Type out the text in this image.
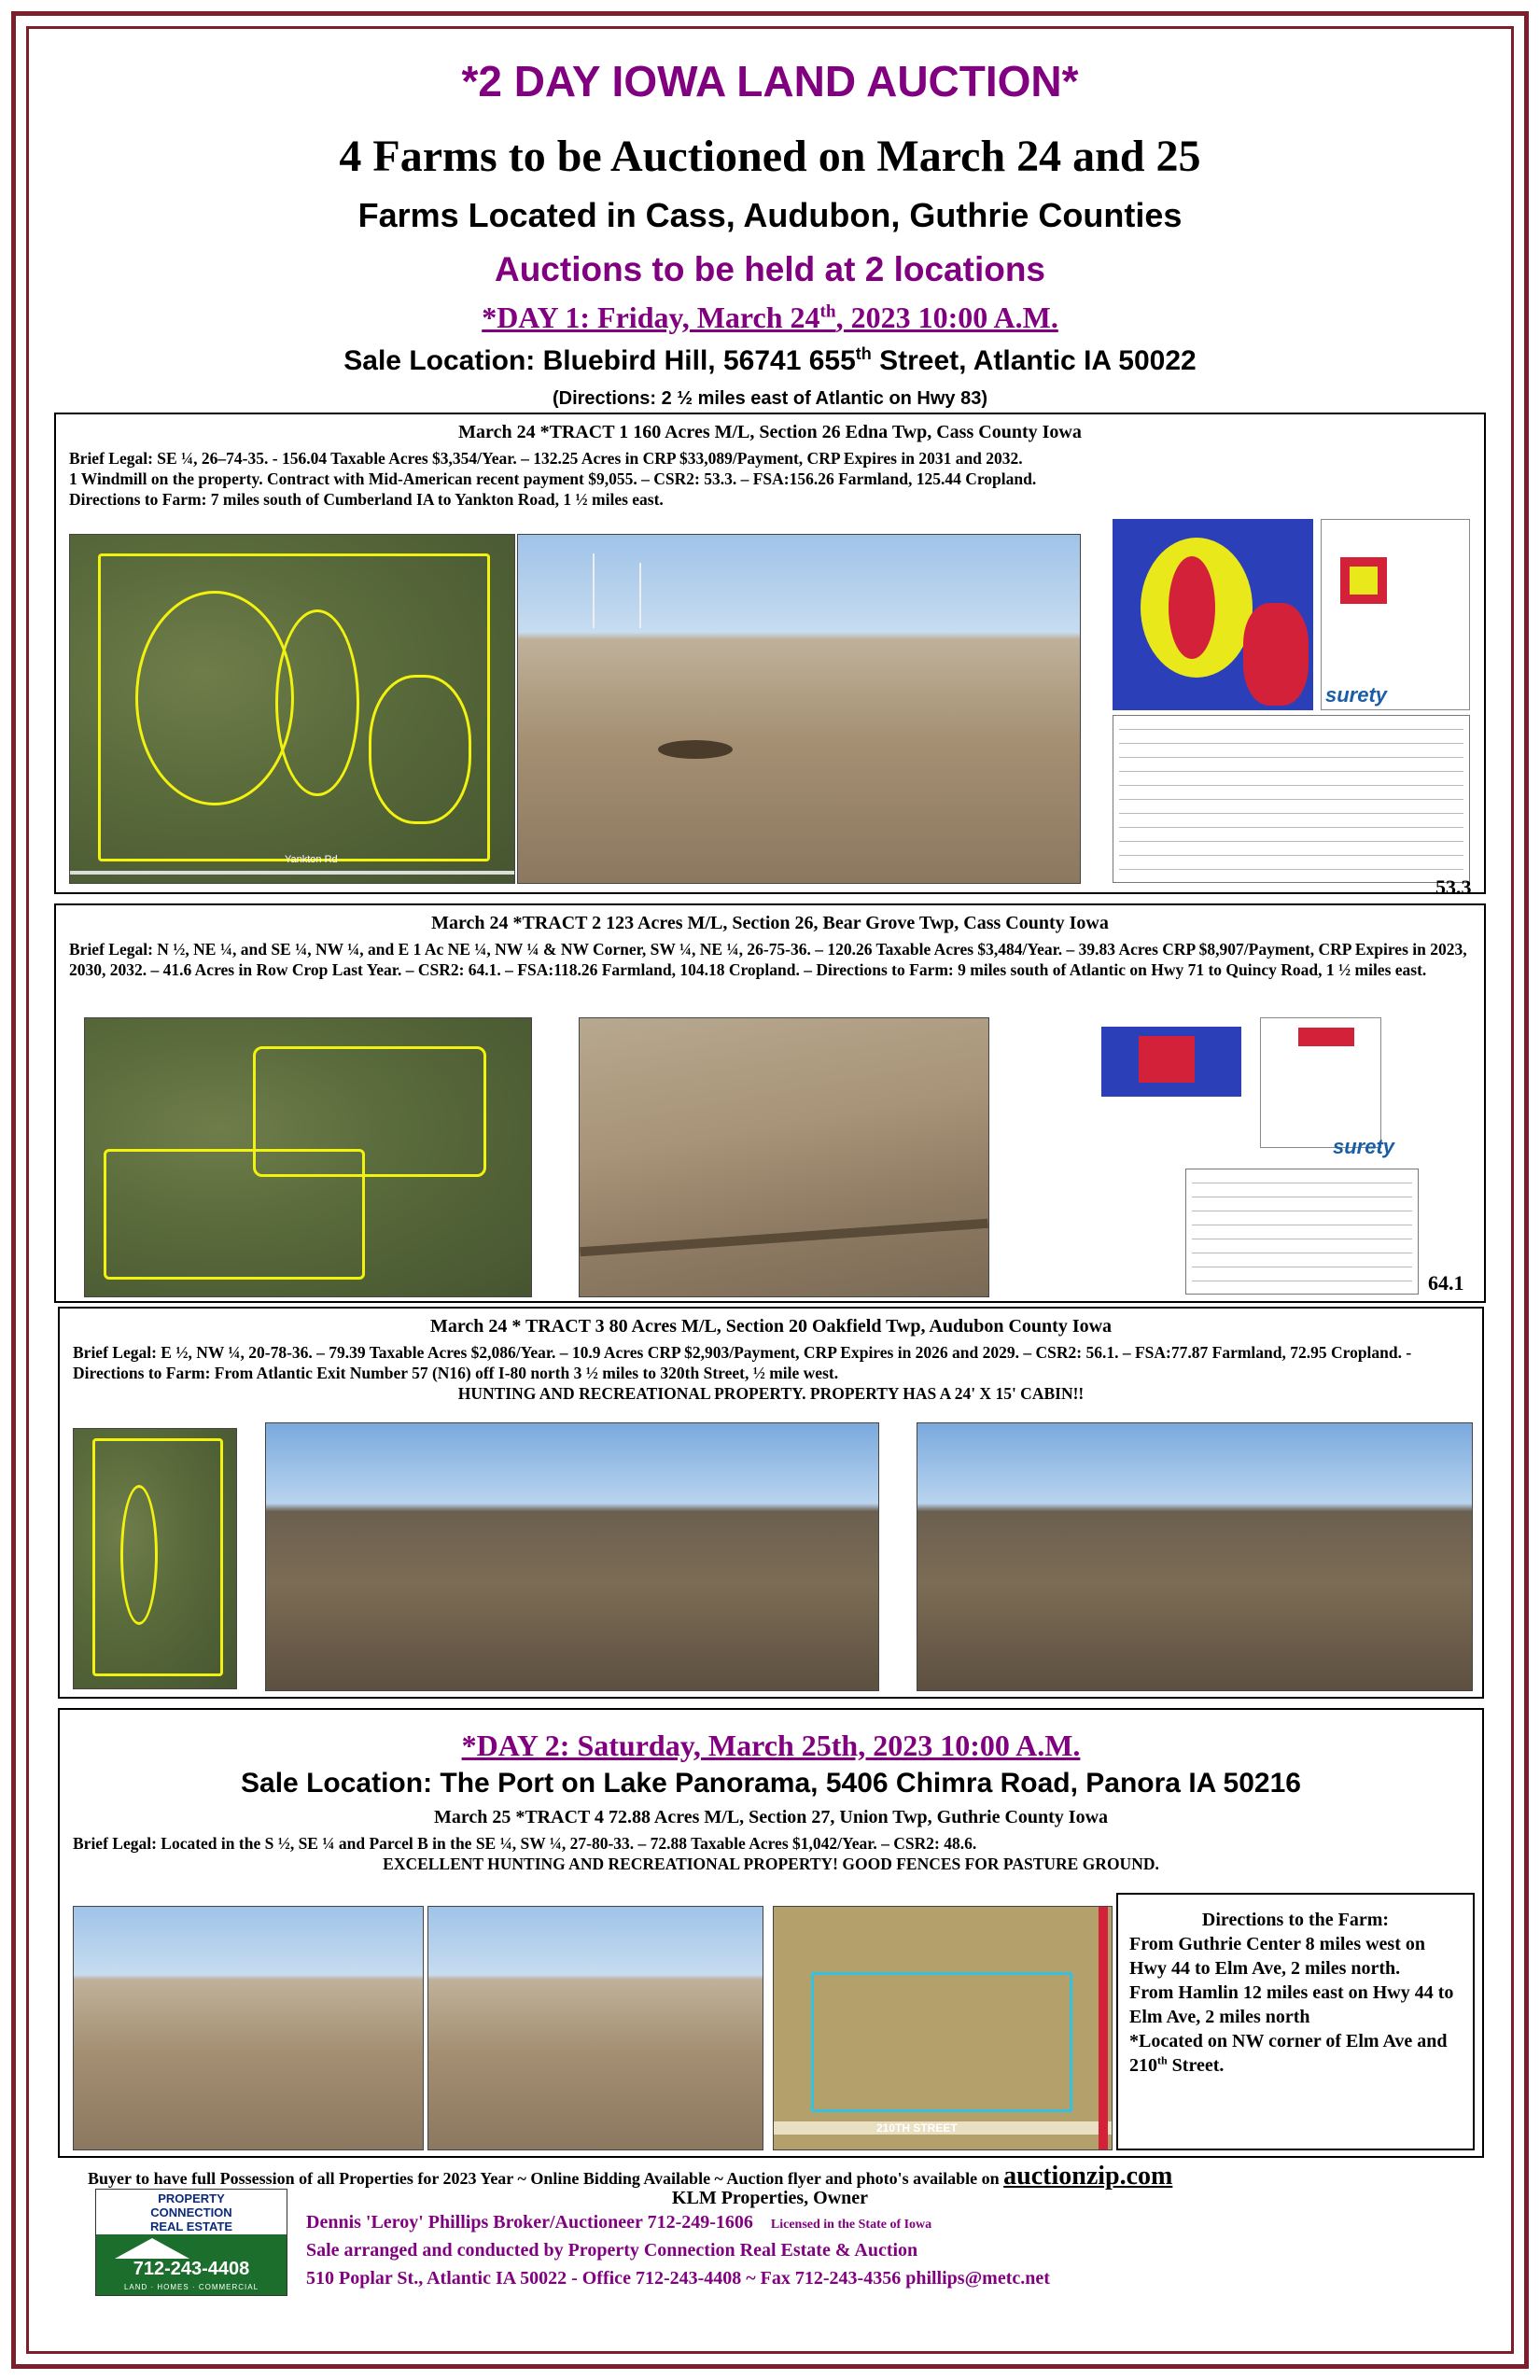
*2 DAY IOWA LAND AUCTION*
4 Farms to be Auctioned on March 24 and 25
Farms Located in Cass, Audubon, Guthrie Counties
Auctions to be held at 2 locations
*DAY 1: Friday, March 24th, 2023 10:00 A.M.
Sale Location: Bluebird Hill, 56741 655th Street, Atlantic IA 50022
(Directions: 2 ½ miles east of Atlantic on Hwy 83)
March 24 *TRACT 1 160 Acres M/L, Section 26 Edna Twp, Cass County Iowa
Brief Legal: SE ¼, 26–74-35. - 156.04 Taxable Acres $3,354/Year. – 132.25 Acres in CRP $33,089/Payment, CRP Expires in 2031 and 2032.
1 Windmill on the property. Contract with Mid-American recent payment $9,055. – CSR2: 53.3. – FSA:156.26 Farmland, 125.44 Cropland.
Directions to Farm: 7 miles south of Cumberland IA to Yankton Road, 1 ½ miles east.
Yankton Rd
surety
53.3
March 24 *TRACT 2 123 Acres M/L, Section 26, Bear Grove Twp, Cass County Iowa
Brief Legal: N ½, NE ¼, and SE ¼, NW ¼, and E 1 Ac NE ¼, NW ¼ & NW Corner, SW ¼, NE ¼, 26-75-36. – 120.26 Taxable Acres $3,484/Year. – 39.83 Acres CRP $8,907/Payment, CRP Expires in 2023, 2030, 2032. – 41.6 Acres in Row Crop Last Year. – CSR2: 64.1. – FSA:118.26 Farmland, 104.18 Cropland. – Directions to Farm: 9 miles south of Atlantic on Hwy 71 to Quincy Road, 1 ½ miles east.
surety
64.1
March 24 * TRACT 3 80 Acres M/L, Section 20 Oakfield Twp, Audubon County Iowa
Brief Legal: E ½, NW ¼, 20-78-36. – 79.39 Taxable Acres $2,086/Year. – 10.9 Acres CRP $2,903/Payment, CRP Expires in 2026 and 2029. – CSR2: 56.1. – FSA:77.87 Farmland, 72.95 Cropland. - Directions to Farm: From Atlantic Exit Number 57 (N16) off I-80 north 3 ½ miles to 320th Street, ½ mile west.
HUNTING AND RECREATIONAL PROPERTY. PROPERTY HAS A 24' X 15' CABIN!!
*DAY 2: Saturday, March 25th, 2023 10:00 A.M.
Sale Location: The Port on Lake Panorama, 5406 Chimra Road, Panora IA 50216
March 25 *TRACT 4 72.88 Acres M/L, Section 27, Union Twp, Guthrie County Iowa
Brief Legal: Located in the S ½, SE ¼ and Parcel B in the SE ¼, SW ¼, 27-80-33. – 72.88 Taxable Acres $1,042/Year. – CSR2: 48.6.
EXCELLENT HUNTING AND RECREATIONAL PROPERTY! GOOD FENCES FOR PASTURE GROUND.
210TH STREET
Directions to the Farm:
From Guthrie Center 8 miles west on Hwy 44 to Elm Ave, 2 miles north.
From Hamlin 12 miles east on Hwy 44 to Elm Ave, 2 miles north
*Located on NW corner of Elm Ave and 210th Street.
Buyer to have full Possession of all Properties for 2023 Year ~ Online Bidding Available ~ Auction flyer and photo's available on auctionzip.com
KLM Properties, Owner
Dennis 'Leroy' Phillips Broker/Auctioneer 712-249-1606 Licensed in the State of Iowa
Sale arranged and conducted by Property Connection Real Estate & Auction
510 Poplar St., Atlantic IA 50022 - Office 712-243-4408 ~ Fax 712-243-4356 phillips@metc.net
PROPERTY
CONNECTION
REAL ESTATE
712-243-4408
LAND · HOMES · COMMERCIAL
